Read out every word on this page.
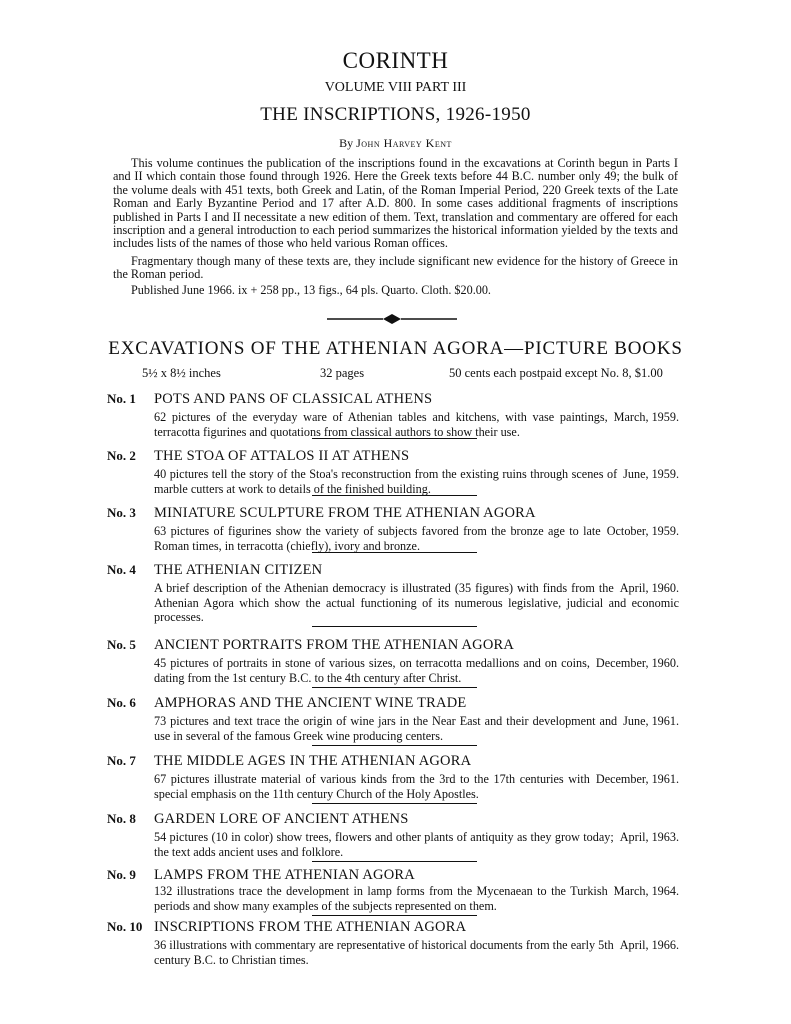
CORINTH
VOLUME VIII PART III
THE INSCRIPTIONS, 1926-1950
By John Harvey Kent

This volume continues the publication of the inscriptions found in the excavations at Corinth begun in Parts I and II which contain those found through 1926. Here the Greek texts before 44 B.C. number only 49; the bulk of the volume deals with 451 texts, both Greek and Latin, of the Roman Imperial Period, 220 Greek texts of the Late Roman and Early Byzantine Period and 17 after A.D. 800. In some cases additional fragments of inscriptions published in Parts I and II necessitate a new edition of them. Text, translation and commentary are offered for each inscription and a general introduction to each period summarizes the historical information yielded by the texts and includes lists of the names of those who held various Roman offices.

Fragmentary though many of these texts are, they include significant new evidence for the history of Greece in the Roman period.

Published June 1966. ix + 258 pp., 13 figs., 64 pls. Quarto. Cloth. $20.00.

EXCAVATIONS OF THE ATHENIAN AGORA—PICTURE BOOKS
5½ x 8½ inches	32 pages	50 cents each postpaid except No. 8, $1.00
No. 1 POTS AND PANS OF CLASSICAL ATHENS

March, 1959.
62 pictures of the everyday ware of Athenian tables and kitchens, with vase paintings, terracotta figurines and quotations from classical authors to show their use.

No. 2 THE STOA OF ATTALOS II AT ATHENS

June, 1959.
40 pictures tell the story of the Stoa's reconstruction from the existing ruins through scenes of marble cutters at work to details of the finished building.

No. 3 MINIATURE SCULPTURE FROM THE ATHENIAN AGORA

October, 1959.
63 pictures of figurines show the variety of subjects favored from the bronze age to late Roman times, in terracotta (chiefly), ivory and bronze.

No. 4 THE ATHENIAN CITIZEN

April, 1960.
A brief description of the Athenian democracy is illustrated (35 figures) with finds from the Athenian Agora which show the actual functioning of its numerous legislative, judicial and economic processes.

No. 5 ANCIENT PORTRAITS FROM THE ATHENIAN AGORA

December, 1960.
45 pictures of portraits in stone of various sizes, on terracotta medallions and on coins, dating from the 1st century B.C. to the 4th century after Christ.

No. 6 AMPHORAS AND THE ANCIENT WINE TRADE

June, 1961.
73 pictures and text trace the origin of wine jars in the Near East and their development and use in several of the famous Greek wine producing centers.

No. 7 THE MIDDLE AGES IN THE ATHENIAN AGORA

December, 1961.
67 pictures illustrate material of various kinds from the 3rd to the 17th centuries with special emphasis on the 11th century Church of the Holy Apostles.

No. 8 GARDEN LORE OF ANCIENT ATHENS

April, 1963.
54 pictures (10 in color) show trees, flowers and other plants of antiquity as they grow today; the text adds ancient uses and folklore.

No. 9 LAMPS FROM THE ATHENIAN AGORA

March, 1964.
132 illustrations trace the development in lamp forms from the Mycenaean to the Turkish periods and show many examples of the subjects represented on them.

No. 10 INSCRIPTIONS FROM THE ATHENIAN AGORA

April, 1966.
36 illustrations with commentary are representative of historical documents from the early 5th century B.C. to Christian times.
